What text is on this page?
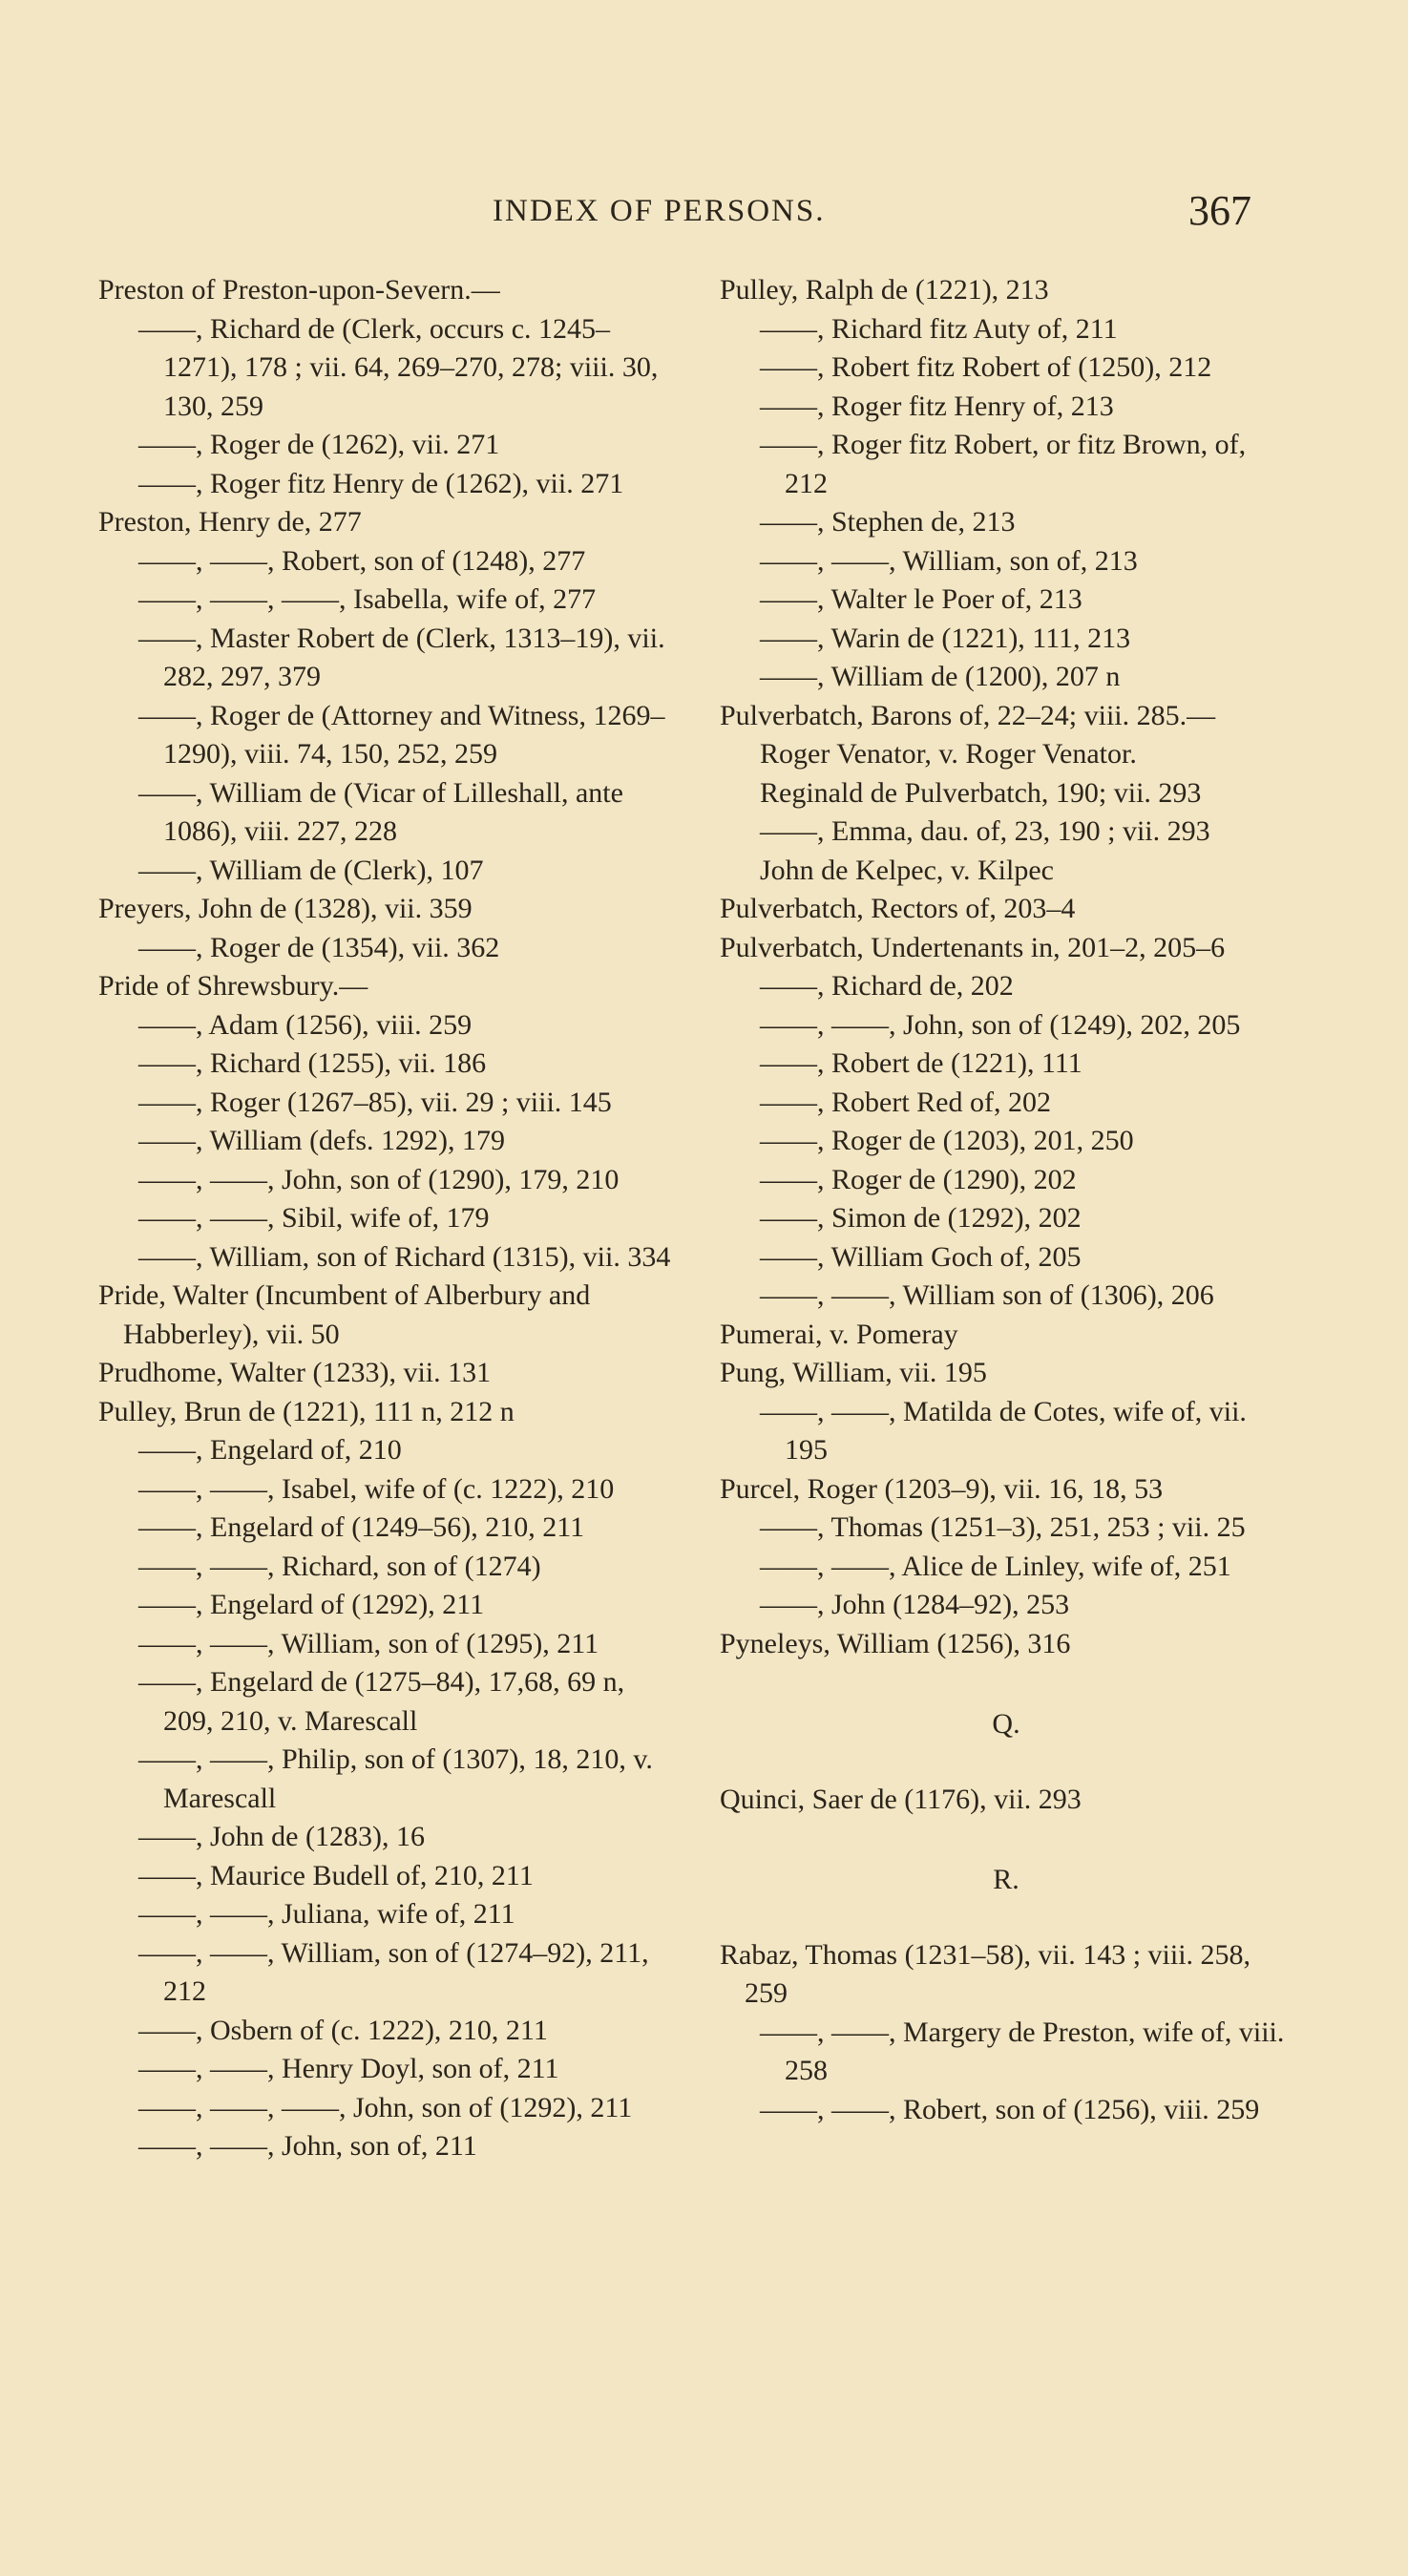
INDEX OF PERSONS.	367
Preston of Preston-upon-Severn.—
——, Richard de (Clerk, occurs c. 1245–1271), 178 ; vii. 64, 269–270, 278; viii. 30, 130, 259
——, Roger de (1262), vii. 271
——, Roger fitz Henry de (1262), vii. 271
Preston, Henry de, 277
——, ——, Robert, son of (1248), 277
——, ——, ——, Isabella, wife of, 277
——, Master Robert de (Clerk, 1313–19), vii. 282, 297, 379
——, Roger de (Attorney and Witness, 1269–1290), viii. 74, 150, 252, 259
——, William de (Vicar of Lilleshall, ante 1086), viii. 227, 228
——, William de (Clerk), 107
Preyers, John de (1328), vii. 359
——, Roger de (1354), vii. 362
Pride of Shrewsbury.—
——, Adam (1256), viii. 259
——, Richard (1255), vii. 186
——, Roger (1267–85), vii. 29 ; viii. 145
——, William (defs. 1292), 179
——, ——, John, son of (1290), 179, 210
——, ——, Sibil, wife of, 179
——, William, son of Richard (1315), vii. 334
Pride, Walter (Incumbent of Alberbury and Habberley), vii. 50
Prudhome, Walter (1233), vii. 131
Pulley, Brun de (1221), 111 n, 212 n
——, Engelard of, 210
——, ——, Isabel, wife of (c. 1222), 210
——, Engelard of (1249–56), 210, 211
——, ——, Richard, son of (1274)
——, Engelard of (1292), 211
——, ——, William, son of (1295), 211
——, Engelard de (1275–84), 17,68, 69 n, 209, 210, v. Marescall
——, ——, Philip, son of (1307), 18, 210, v. Marescall
——, John de (1283), 16
——, Maurice Budell of, 210, 211
——, ——, Juliana, wife of, 211
——, ——, William, son of (1274–92), 211, 212
——, Osbern of (c. 1222), 210, 211
——, ——, Henry Doyl, son of, 211
——, ——, ——, John, son of (1292), 211
——, ——, John, son of, 211
Pulley, Ralph de (1221), 213
——, Richard fitz Auty of, 211
——, Robert fitz Robert of (1250), 212
——, Roger fitz Henry of, 213
——, Roger fitz Robert, or fitz Brown, of, 212
——, Stephen de, 213
——, ——, William, son of, 213
——, Walter le Poer of, 213
——, Warin de (1221), 111, 213
——, William de (1200), 207 n
Pulverbatch, Barons of, 22–24; viii. 285.—
Roger Venator, v. Roger Venator.
Reginald de Pulverbatch, 190; vii. 293
——, Emma, dau. of, 23, 190 ; vii. 293
John de Kelpec, v. Kilpec
Pulverbatch, Rectors of, 203–4
Pulverbatch, Undertenants in, 201–2, 205–6
——, Richard de, 202
——, ——, John, son of (1249), 202, 205
——, Robert de (1221), 111
——, Robert Red of, 202
——, Roger de (1203), 201, 250
——, Roger de (1290), 202
——, Simon de (1292), 202
——, William Goch of, 205
——, ——, William son of (1306), 206
Pumerai, v. Pomeray
Pung, William, vii. 195
——, ——, Matilda de Cotes, wife of, vii. 195
Purcel, Roger (1203–9), vii. 16, 18, 53
——, Thomas (1251–3), 251, 253 ; vii. 25
——, ——, Alice de Linley, wife of, 251
——, John (1284–92), 253
Pyneleys, William (1256), 316
Q.
Quinci, Saer de (1176), vii. 293
R.
Rabaz, Thomas (1231–58), vii. 143 ; viii. 258, 259
——, ——, Margery de Preston, wife of, viii. 258
——, ——, Robert, son of (1256), viii. 259
